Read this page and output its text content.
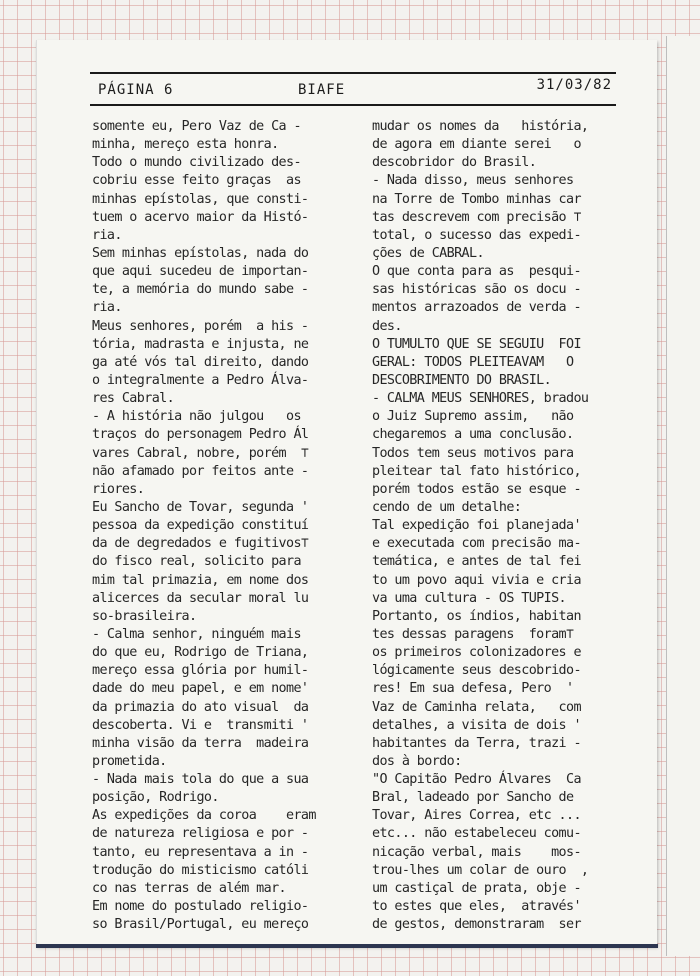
PÁGINA 6	BIAFE	31/03/82
somente eu, Pero Vaz de Ca -
minha, mereço esta honra.
Todo o mundo civilizado des-
cobriu esse feito graças  as
minhas epístolas, que consti-
tuem o acervo maior da Histó-
ria.
Sem minhas epístolas, nada do
que aqui sucedeu de importan-
te, a memória do mundo sabe -
ria.
Meus senhores, porém  a his -
tória, madrasta e injusta, ne
ga até vós tal direito, dando
o integralmente a Pedro Álva-
res Cabral.
- A história não julgou   os
traços do personagem Pedro Ál
vares Cabral, nobre, porém  ⊤
não afamado por feitos ante -
riores.
Eu Sancho de Tovar, segunda '
pessoa da expedição constituí
da de degredados e fugitivos⊤
do fisco real, solicito para
mim tal primazia, em nome dos
alicerces da secular moral lu
so-brasileira.
- Calma senhor, ninguém mais
do que eu, Rodrigo de Triana,
mereço essa glória por humil-
dade do meu papel, e em nome'
da primazia do ato visual  da
descoberta. Vi e  transmiti '
minha visão da terra  madeira
prometida.
- Nada mais tola do que a sua
posição, Rodrigo.
As expedições da coroa    eram
de natureza religiosa e por -
tanto, eu representava a in -
trodução do misticismo católi
co nas terras de além mar.
Em nome do postulado religio-
so Brasil/Portugal, eu mereço
mudar os nomes da   história,
de agora em diante serei   o
descobridor do Brasil.
- Nada disso, meus senhores
na Torre de Tombo minhas car
tas descrevem com precisão ⊤
total, o sucesso das expedi-
ções de CABRAL.
O que conta para as  pesqui-
sas históricas são os docu -
mentos arrazoados de verda -
des.
O TUMULTO QUE SE SEGUIU  FOI
GERAL: TODOS PLEITEAVAM   O
DESCOBRIMENTO DO BRASIL.
- CALMA MEUS SENHORES, bradou
o Juiz Supremo assim,   não
chegaremos a uma conclusão.
Todos tem seus motivos para
pleitear tal fato histórico,
porém todos estão se esque -
cendo de um detalhe:
Tal expedição foi planejada'
e executada com precisão ma-
temática, e antes de tal fei
to um povo aqui vivia e cria
va uma cultura - OS TUPIS.
Portanto, os índios, habitan
tes dessas paragens  foram⊤
os primeiros colonizadores e
lógicamente seus descobrido-
res! Em sua defesa, Pero  '
Vaz de Caminha relata,   com
detalhes, a visita de dois '
habitantes da Terra, trazi -
dos à bordo:
"O Capitão Pedro Álvares  Ca
Bral, ladeado por Sancho de
Tovar, Aires Correa, etc ...
etc... não estabeleceu comu-
nicação verbal, mais    mos-
trou-lhes um colar de ouro  ,
um castiçal de prata, obje -
to estes que eles,  através'
de gestos, demonstraram  ser
